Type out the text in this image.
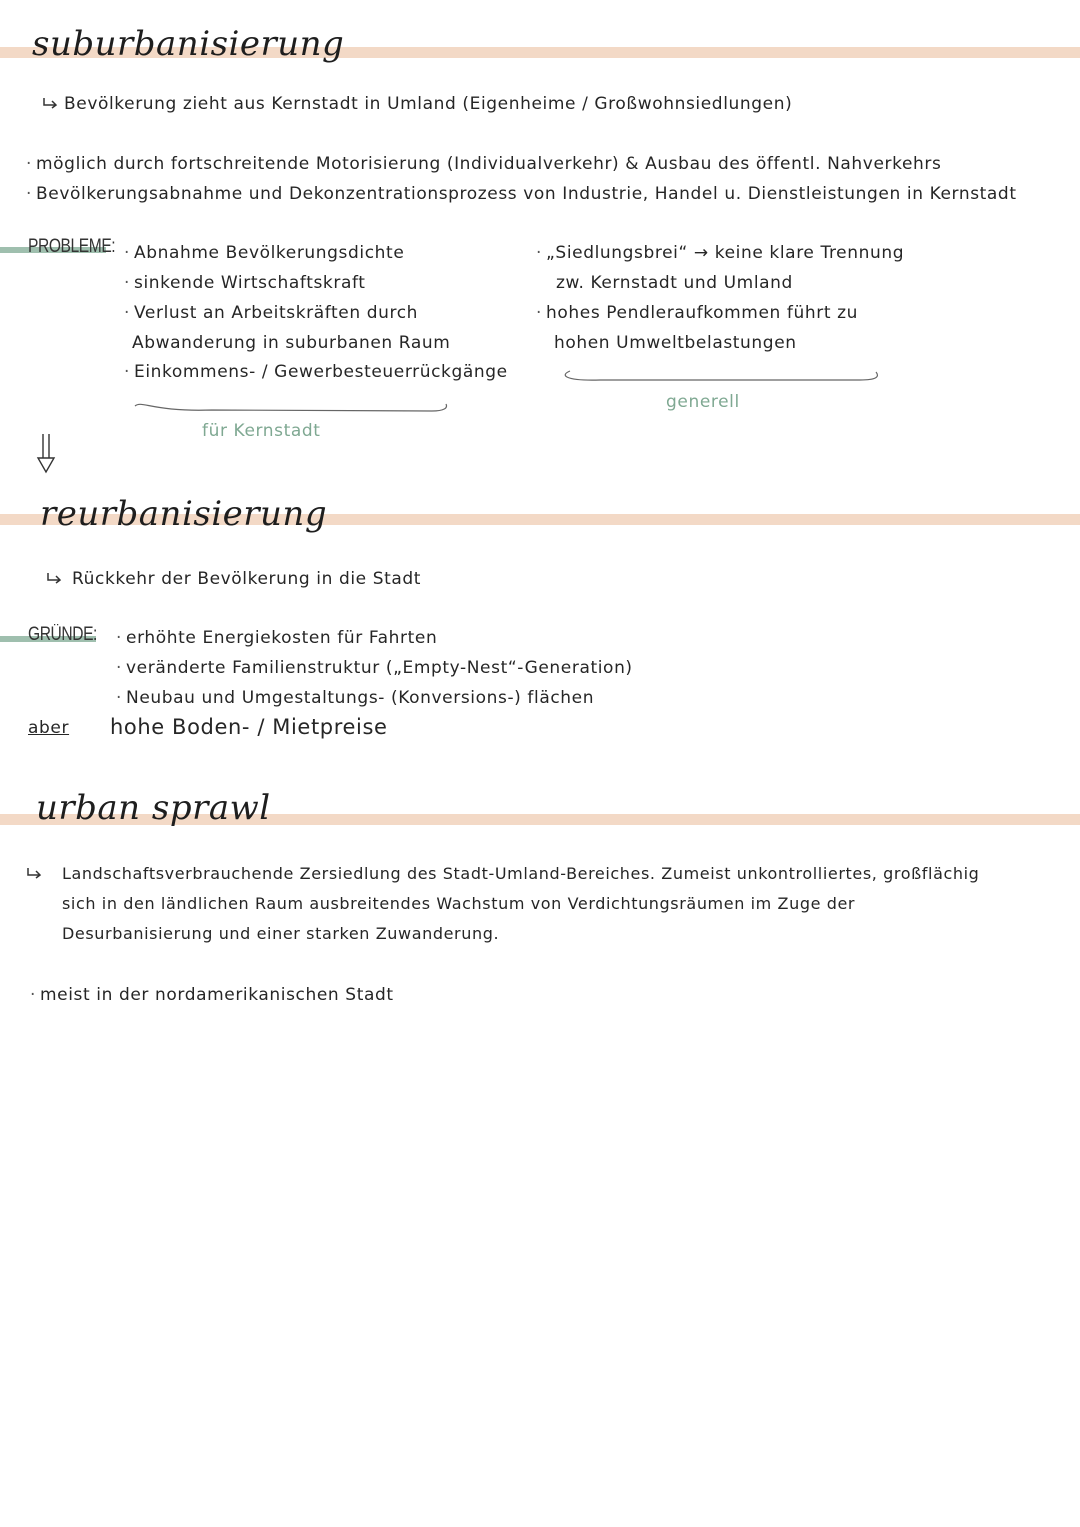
suburbanisierung
Bevölkerung zieht aus Kernstadt in Umland (Eigenheime / Großwohnsiedlungen)
· möglich durch fortschreitende Motorisierung (Individualverkehr) & Ausbau des öffentl. Nahverkehrs
· Bevölkerungsabnahme und Dekonzentrationsprozess von Industrie, Handel u. Dienstleistungen in Kernstadt
PROBLEME:	· Abnahme Bevölkerungsdichte
· sinkende Wirtschaftskraft
· Verlust an Arbeitskräften durch
Abwanderung in suburbanen Raum
· Einkommens- / Gewerbesteuerrückgänge
für Kernstadt
· „Siedlungsbrei“ → keine klare Trennung
zw. Kernstadt und Umland
· hohes Pendleraufkommen führt zu
hohen Umweltbelastungen
generell
reurbanisierung
Rückkehr der Bevölkerung in die Stadt
GRÜNDE:	· erhöhte Energiekosten für Fahrten
· veränderte Familienstruktur („Empty-Nest“-Generation)
· Neubau und Umgestaltungs- (Konversions-) flächen
aber hohe Boden- / Mietpreise
urban sprawl
Landschaftsverbrauchende Zersiedlung des Stadt-Umland-Bereiches. Zumeist unkontrolliertes, großflächig
sich in den ländlichen Raum ausbreitendes Wachstum von Verdichtungsräumen im Zuge der
Desurbanisierung und einer starken Zuwanderung.
· meist in der nordamerikanischen Stadt
